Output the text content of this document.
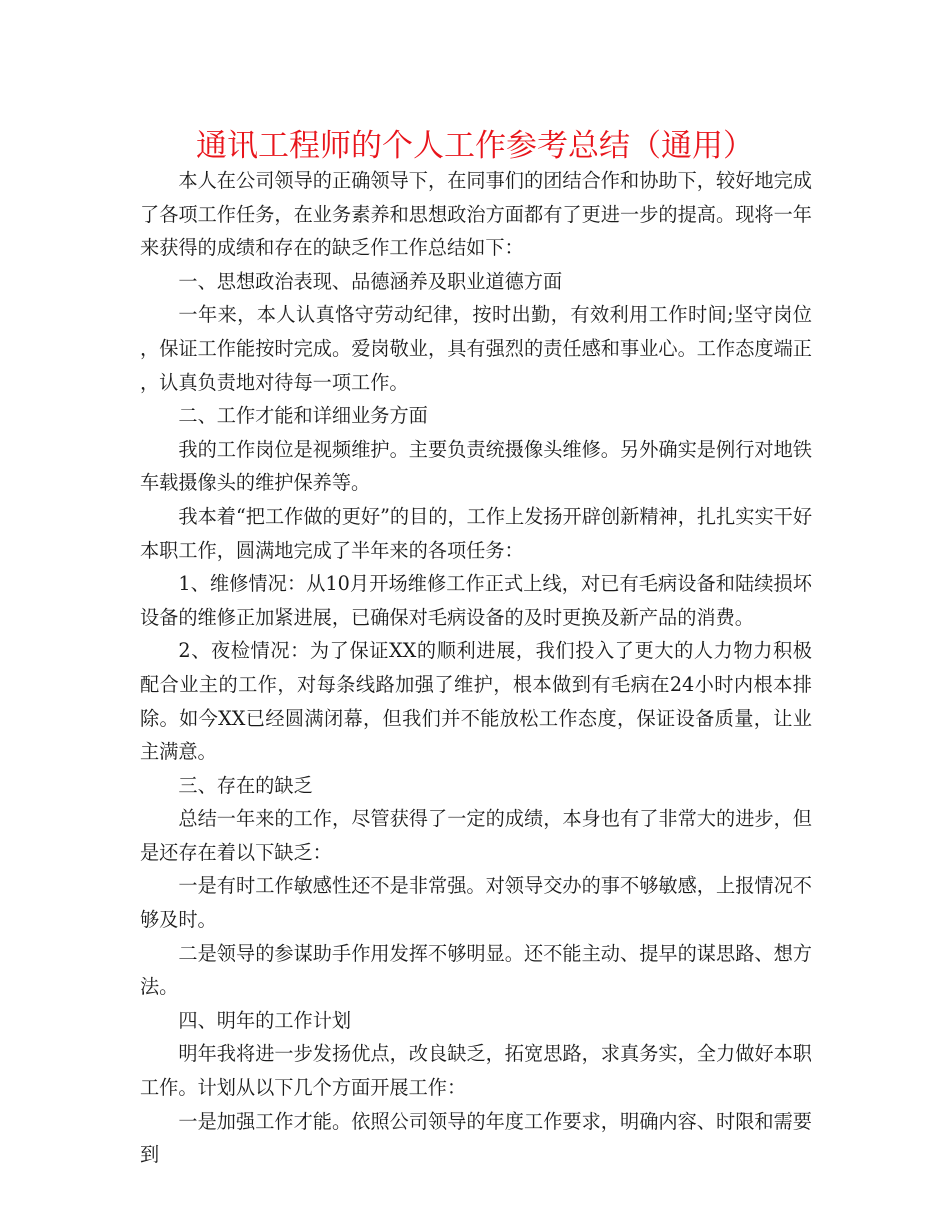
通讯工程师的个人工作参考总结（通用）

本人在公司领导的正确领导下，在同事们的团结合作和协助下，较好地完成了各项工作任务，在业务素养和思想政治方面都有了更进一步的提高。现将一年来获得的成绩和存在的缺乏作工作总结如下：

一、思想政治表现、品德涵养及职业道德方面

一年来，本人认真恪守劳动纪律，按时出勤，有效利用工作时间;坚守岗位，保证工作能按时完成。爱岗敬业，具有强烈的责任感和事业心。工作态度端正，认真负责地对待每一项工作。

二、工作才能和详细业务方面

我的工作岗位是视频维护。主要负责统摄像头维修。另外确实是例行对地铁车载摄像头的维护保养等。

我本着“把工作做的更好”的目的，工作上发扬开辟创新精神，扎扎实实干好本职工作，圆满地完成了半年来的各项任务：

1、维修情况：从10月开场维修工作正式上线，对已有毛病设备和陆续损坏设备的维修正加紧进展，已确保对毛病设备的及时更换及新产品的消费。

2、夜检情况：为了保证XX的顺利进展，我们投入了更大的人力物力积极配合业主的工作，对每条线路加强了维护，根本做到有毛病在24小时内根本排除。如今XX已经圆满闭幕，但我们并不能放松工作态度，保证设备质量，让业主满意。

三、存在的缺乏

总结一年来的工作，尽管获得了一定的成绩，本身也有了非常大的进步，但是还存在着以下缺乏：

一是有时工作敏感性还不是非常强。对领导交办的事不够敏感，上报情况不够及时。

二是领导的参谋助手作用发挥不够明显。还不能主动、提早的谋思路、想方法。

四、明年的工作计划

明年我将进一步发扬优点，改良缺乏，拓宽思路，求真务实，全力做好本职工作。计划从以下几个方面开展工作：

一是加强工作才能。依照公司领导的年度工作要求，明确内容、时限和需要到
